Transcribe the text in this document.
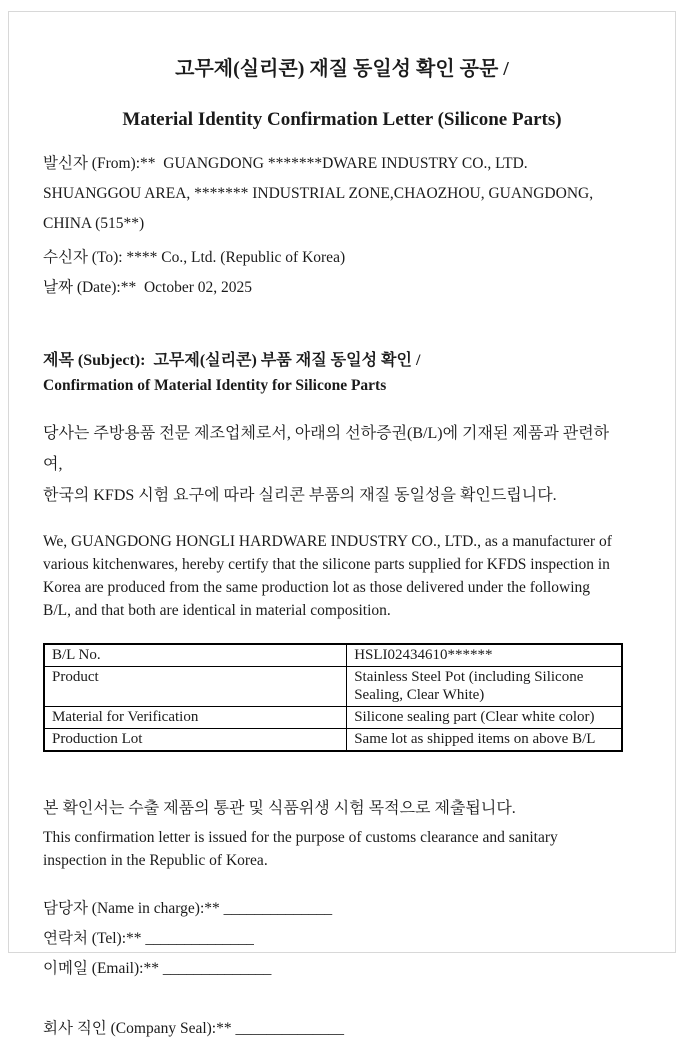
고무제(실리콘) 재질 동일성 확인 공문 /
Material Identity Confirmation Letter (Silicone Parts)
발신자 (From):**  GUANGDONG *******DWARE INDUSTRY CO., LTD.
SHUANGGOU AREA, ******* INDUSTRIAL ZONE,CHAOZHOU, GUANGDONG, CHINA (515**)
수신자 (To): **** Co., Ltd. (Republic of Korea)
날짜 (Date):**  October 02, 2025
제목 (Subject):  고무제(실리콘) 부품 재질 동일성 확인 /
Confirmation of Material Identity for Silicone Parts
당사는 주방용품 전문 제조업체로서, 아래의 선하증권(B/L)에 기재된 제품과 관련하여,
한국의 KFDS 시험 요구에 따라 실리콘 부품의 재질 동일성을 확인드립니다.
We, GUANGDONG HONGLI HARDWARE INDUSTRY CO., LTD., as a manufacturer of various kitchenwares, hereby certify that the silicone parts supplied for KFDS inspection in Korea are produced from the same production lot as those delivered under the following B/L, and that both are identical in material composition.
B/L No.	HSLI02434610******
Product	Stainless Steel Pot (including Silicone Sealing, Clear White)
Material for Verification	Silicone sealing part (Clear white color)
Production Lot	Same lot as shipped items on above B/L
본 확인서는 수출 제품의 통관 및 식품위생 시험 목적으로 제출됩니다.
This confirmation letter is issued for the purpose of customs clearance and sanitary inspection in the Republic of Korea.
담당자 (Name in charge):** ______________
연락처 (Tel):** ______________
이메일 (Email):** ______________
회사 직인 (Company Seal):** ______________
